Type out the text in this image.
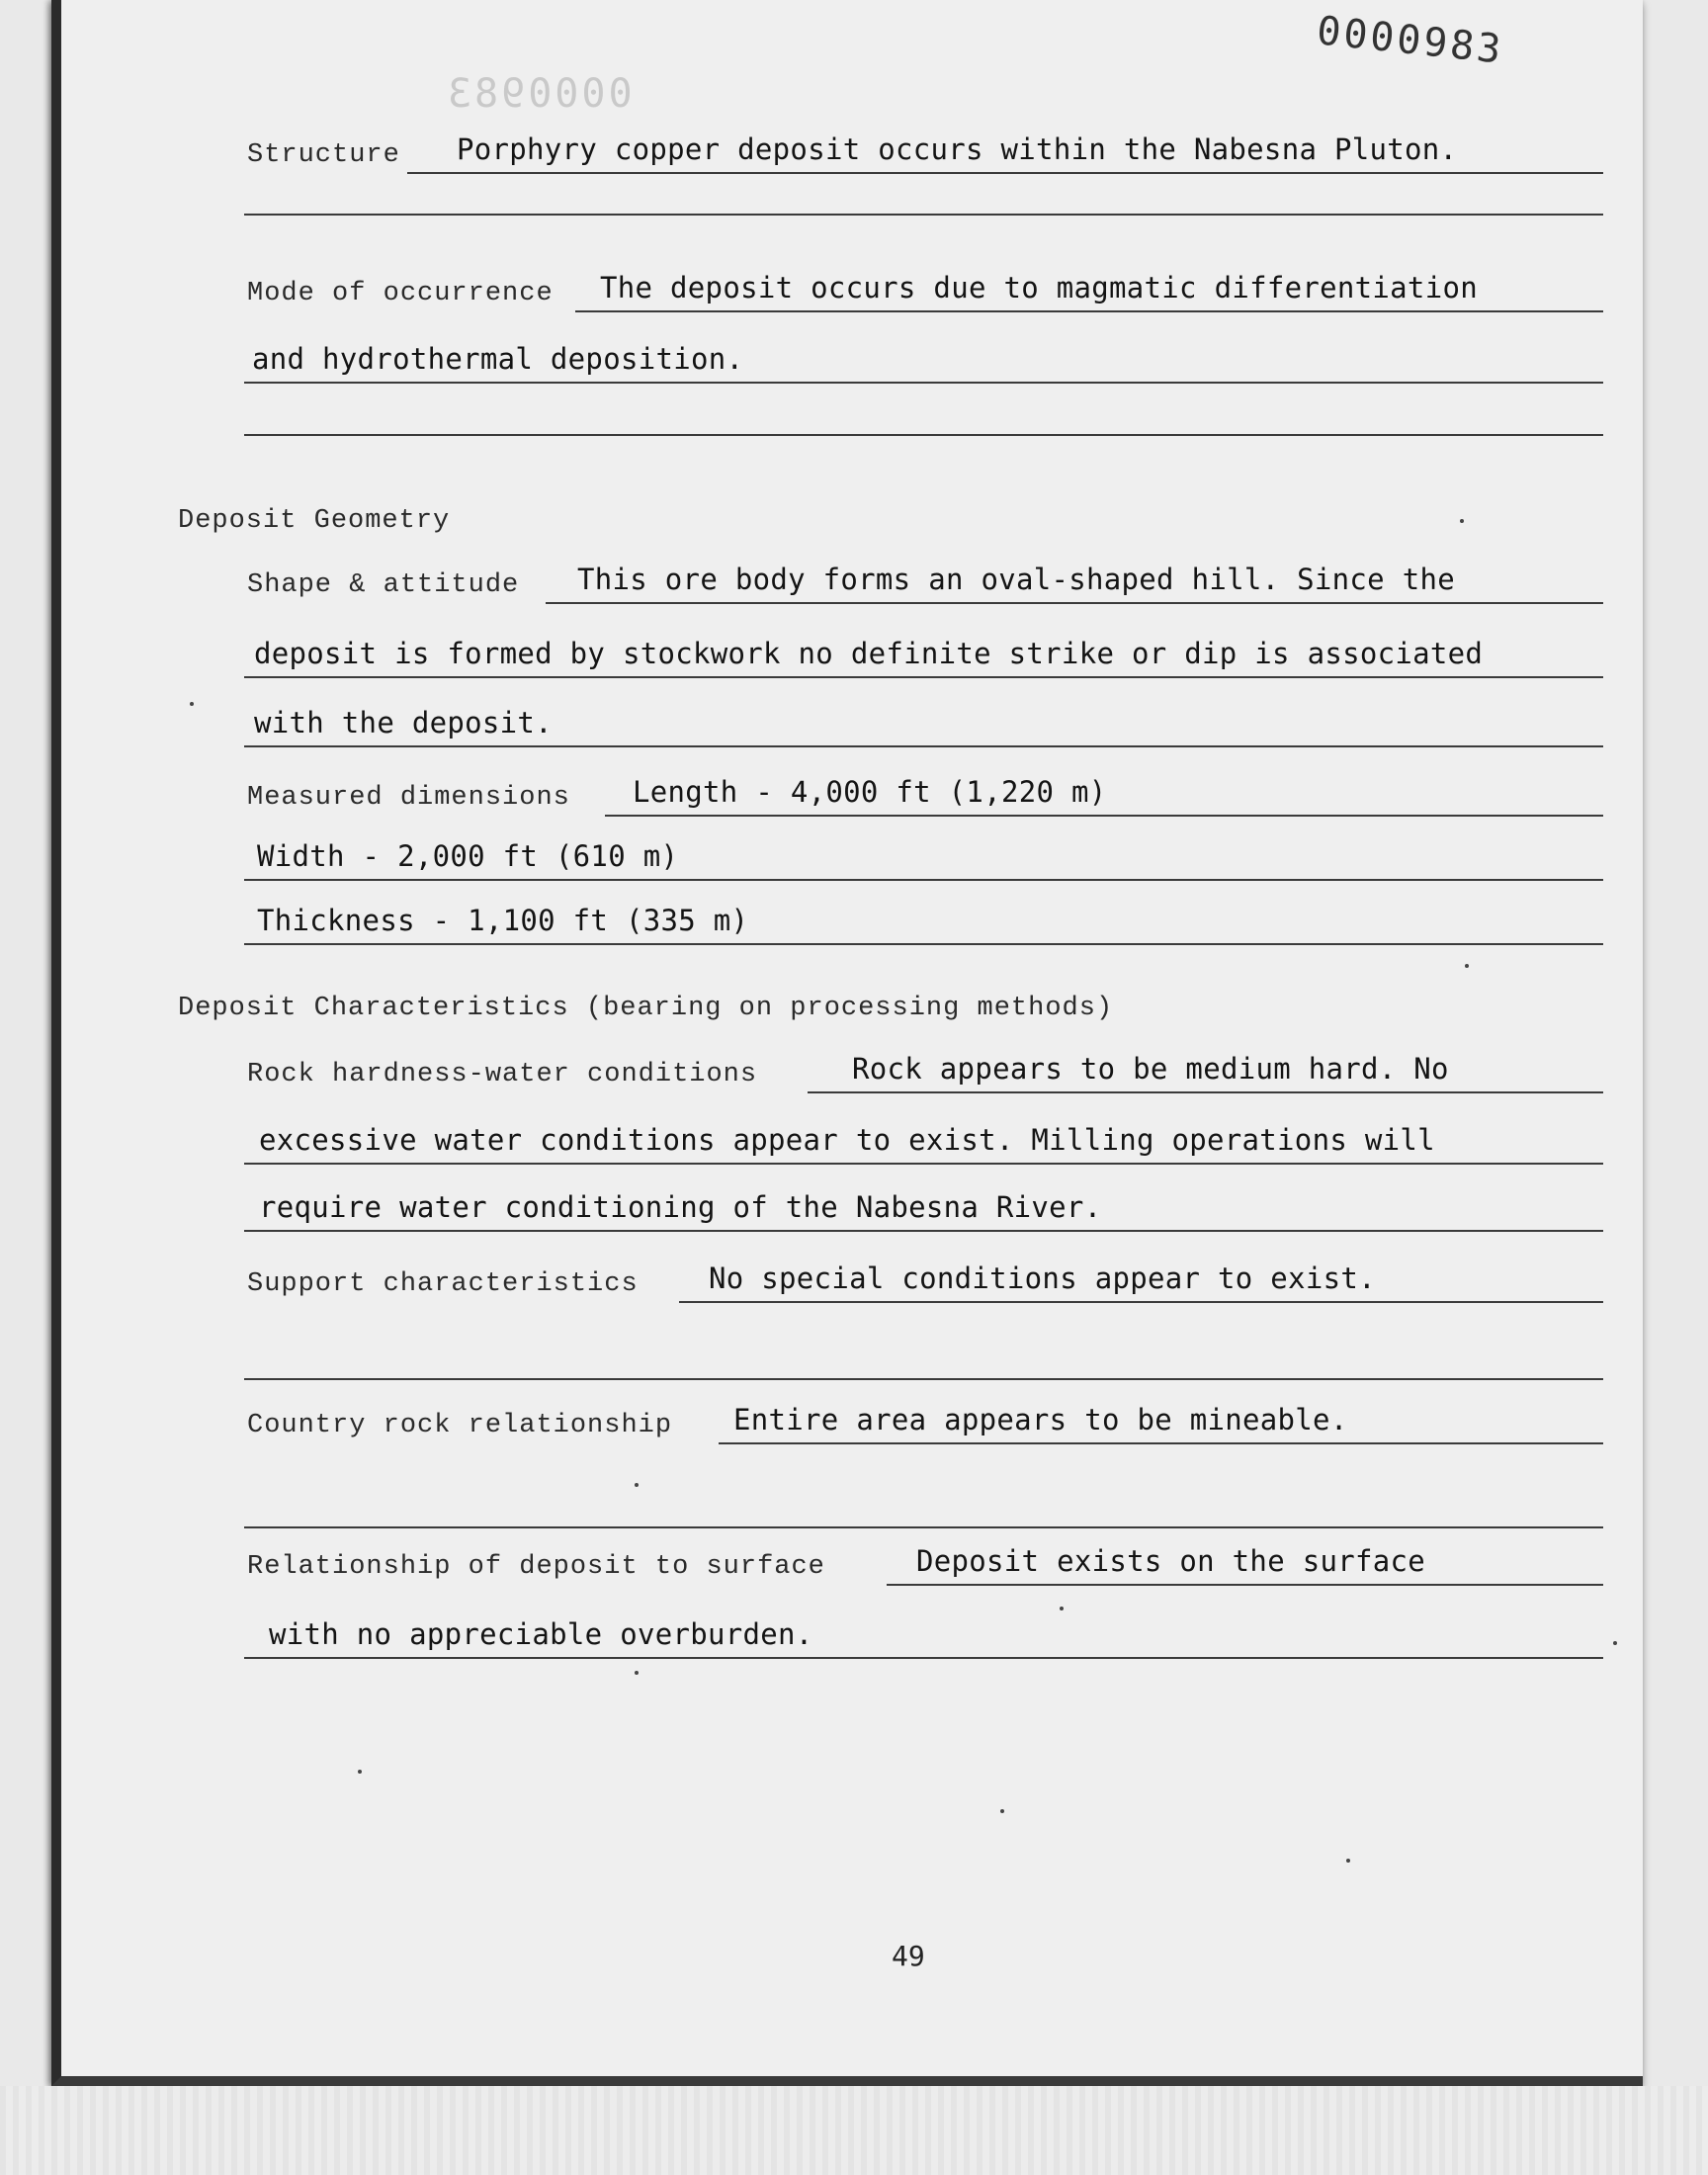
0000983
0000983
Structure Porphyry copper deposit occurs within the Nabesna Pluton.
Mode of occurrence The deposit occurs due to magmatic differentiation
and hydrothermal deposition.
Deposit Geometry
Shape & attitude This ore body forms an oval-shaped hill. Since the
deposit is formed by stockwork no definite strike or dip is associated
with the deposit.
Measured dimensions Length - 4,000 ft (1,220 m)
Width - 2,000 ft (610 m)
Thickness - 1,100 ft (335 m)
Deposit Characteristics (bearing on processing methods)
Rock hardness-water conditions	Rock appears to be medium hard. No
excessive water conditions appear to exist. Milling operations will
require water conditioning of the Nabesna River.
Support characteristics No special conditions appear to exist.
Country rock relationship Entire area appears to be mineable.
Relationship of deposit to surface	Deposit exists on the surface
with no appreciable overburden.
49
